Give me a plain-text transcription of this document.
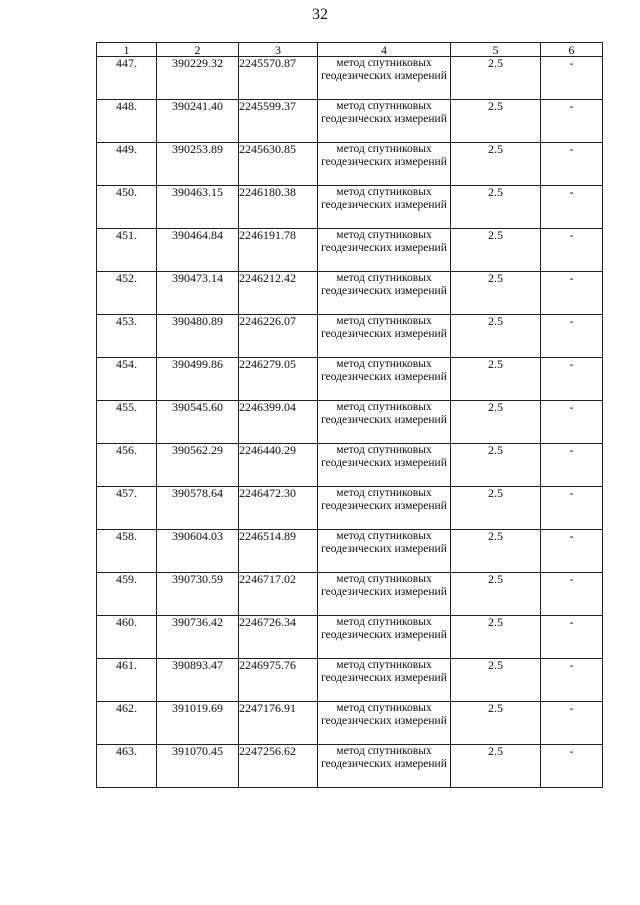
32
1	2	3	4	5	6
447.	390229.32	2245570.87	метод спутниковых геодезических измерений	2.5	-
448.	390241.40	2245599.37	метод спутниковых геодезических измерений	2.5	-
449.	390253.89	2245630.85	метод спутниковых геодезических измерений	2.5	-
450.	390463.15	2246180.38	метод спутниковых геодезических измерений	2.5	-
451.	390464.84	2246191.78	метод спутниковых геодезических измерений	2.5	-
452.	390473.14	2246212.42	метод спутниковых геодезических измерений	2.5	-
453.	390480.89	2246226.07	метод спутниковых геодезических измерений	2.5	-
454.	390499.86	2246279.05	метод спутниковых геодезических измерений	2.5	-
455.	390545.60	2246399.04	метод спутниковых геодезических измерений	2.5	-
456.	390562.29	2246440.29	метод спутниковых геодезических измерений	2.5	-
457.	390578.64	2246472.30	метод спутниковых геодезических измерений	2.5	-
458.	390604.03	2246514.89	метод спутниковых геодезических измерений	2.5	-
459.	390730.59	2246717.02	метод спутниковых геодезических измерений	2.5	-
460.	390736.42	2246726.34	метод спутниковых геодезических измерений	2.5	-
461.	390893.47	2246975.76	метод спутниковых геодезических измерений	2.5	-
462.	391019.69	2247176.91	метод спутниковых геодезических измерений	2.5	-
463.	391070.45	2247256.62	метод спутниковых геодезических измерений	2.5	-
